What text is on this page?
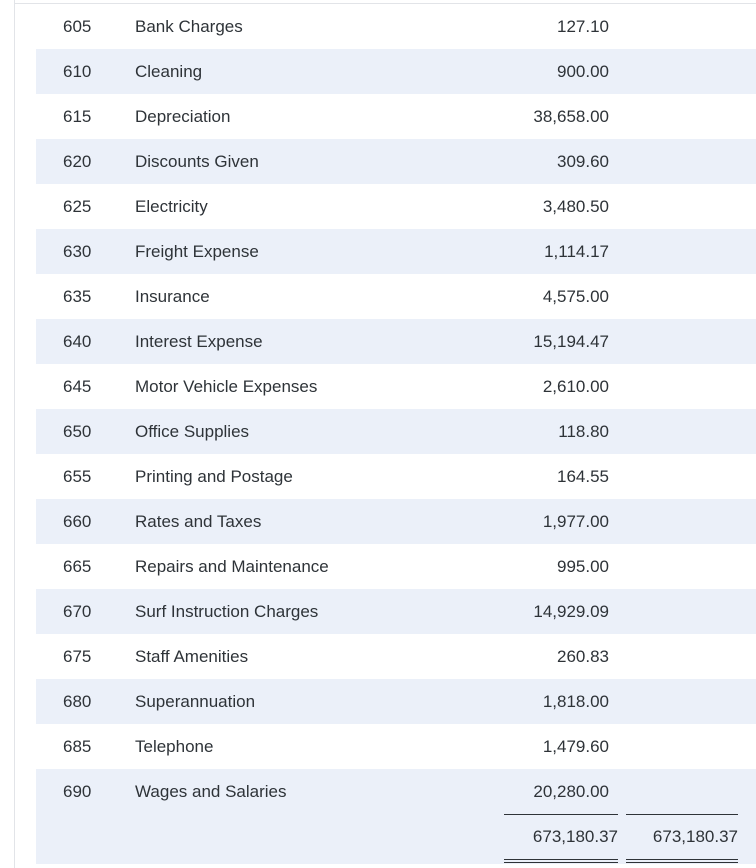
605	Bank Charges	127.10
610	Cleaning	900.00
615	Depreciation	38,658.00
620	Discounts Given	309.60
625	Electricity	3,480.50
630	Freight Expense	1,114.17
635	Insurance	4,575.00
640	Interest Expense	15,194.47
645	Motor Vehicle Expenses	2,610.00
650	Office Supplies	118.80
655	Printing and Postage	164.55
660	Rates and Taxes	1,977.00
665	Repairs and Maintenance	995.00
670	Surf Instruction Charges	14,929.09
675	Staff Amenities	260.83
680	Superannuation	1,818.00
685	Telephone	1,479.60
690	Wages and Salaries	20,280.00
673,180.37 673,180.37
